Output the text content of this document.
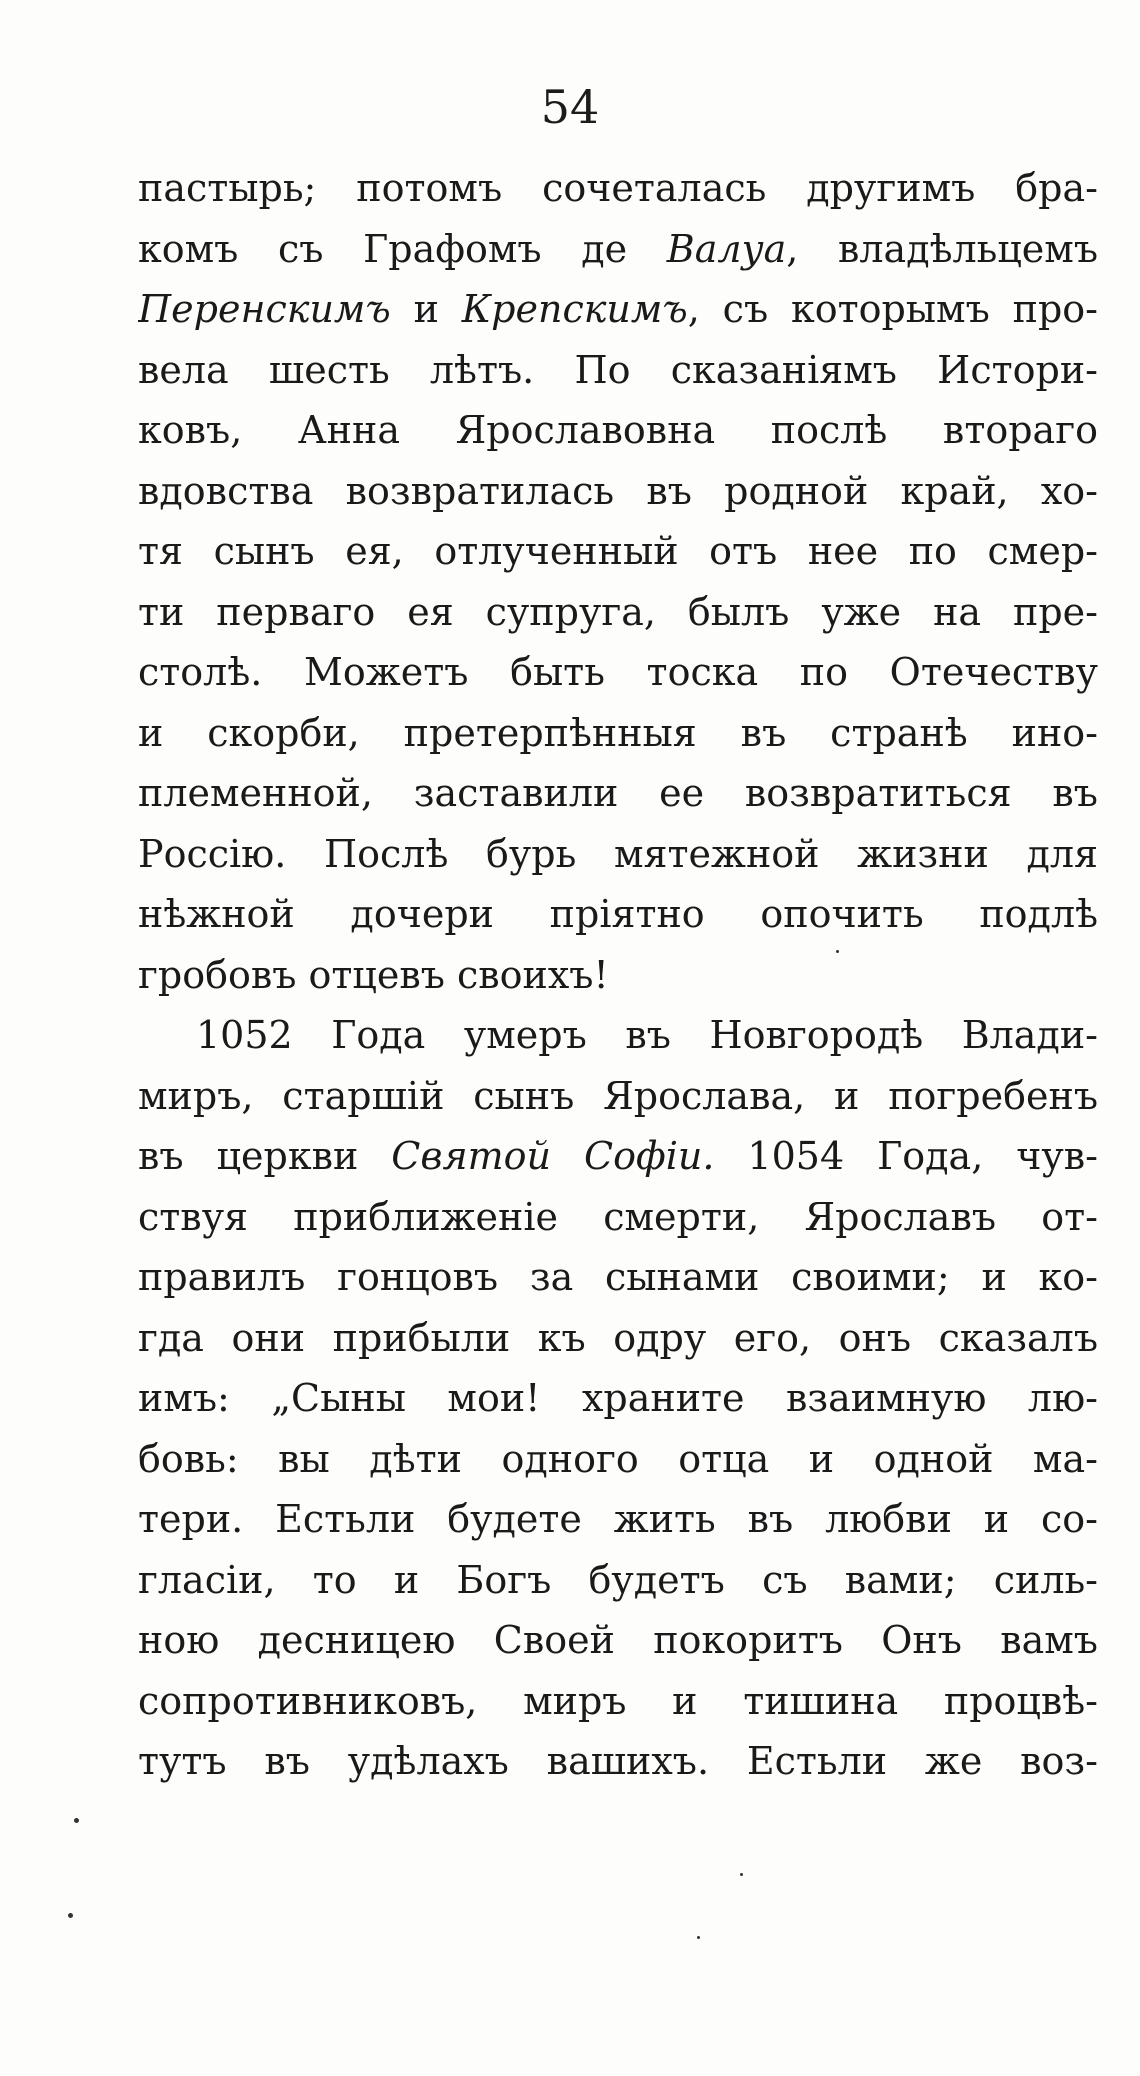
54
пастырь; потомъ сочеталась другимъ бра-
комъ съ Графомъ де Валуа, владѣльцемъ
Перенскимъ и Крепскимъ, съ которымъ про-
вела шесть лѣтъ. По сказаніямъ Истори-
ковъ, Анна Ярославовна послѣ втораго
вдовства возвратилась въ родной край, хо-
тя сынъ ея, отлученный отъ нее по смер-
ти перваго ея супруга, былъ уже на пре-
столѣ. Можетъ быть тоска по Отечеству
и скорби, претерпѣнныя въ странѣ ино-
племенной, заставили ее возвратиться въ
Россію. Послѣ бурь мятежной жизни для
нѣжной дочери пріятно опочить подлѣ
гробовъ отцевъ своихъ!
1052 Года умеръ въ Новгородѣ Влади-
миръ, старшій сынъ Ярослава, и погребенъ
въ церкви Святой Софіи. 1054 Года, чув-
ствуя приближеніе смерти, Ярославъ от-
правилъ гонцовъ за сынами своими; и ко-
гда они прибыли къ одру его, онъ сказалъ
имъ: „Сыны мои! храните взаимную лю-
бовь: вы дѣти одного отца и одной ма-
тери. Естьли будете жить въ любви и со-
гласіи, то и Богъ будетъ съ вами; силь-
ною десницею Своей покоритъ Онъ вамъ
сопротивниковъ, миръ и тишина процвѣ-
тутъ въ удѣлахъ вашихъ. Естьли же воз-
